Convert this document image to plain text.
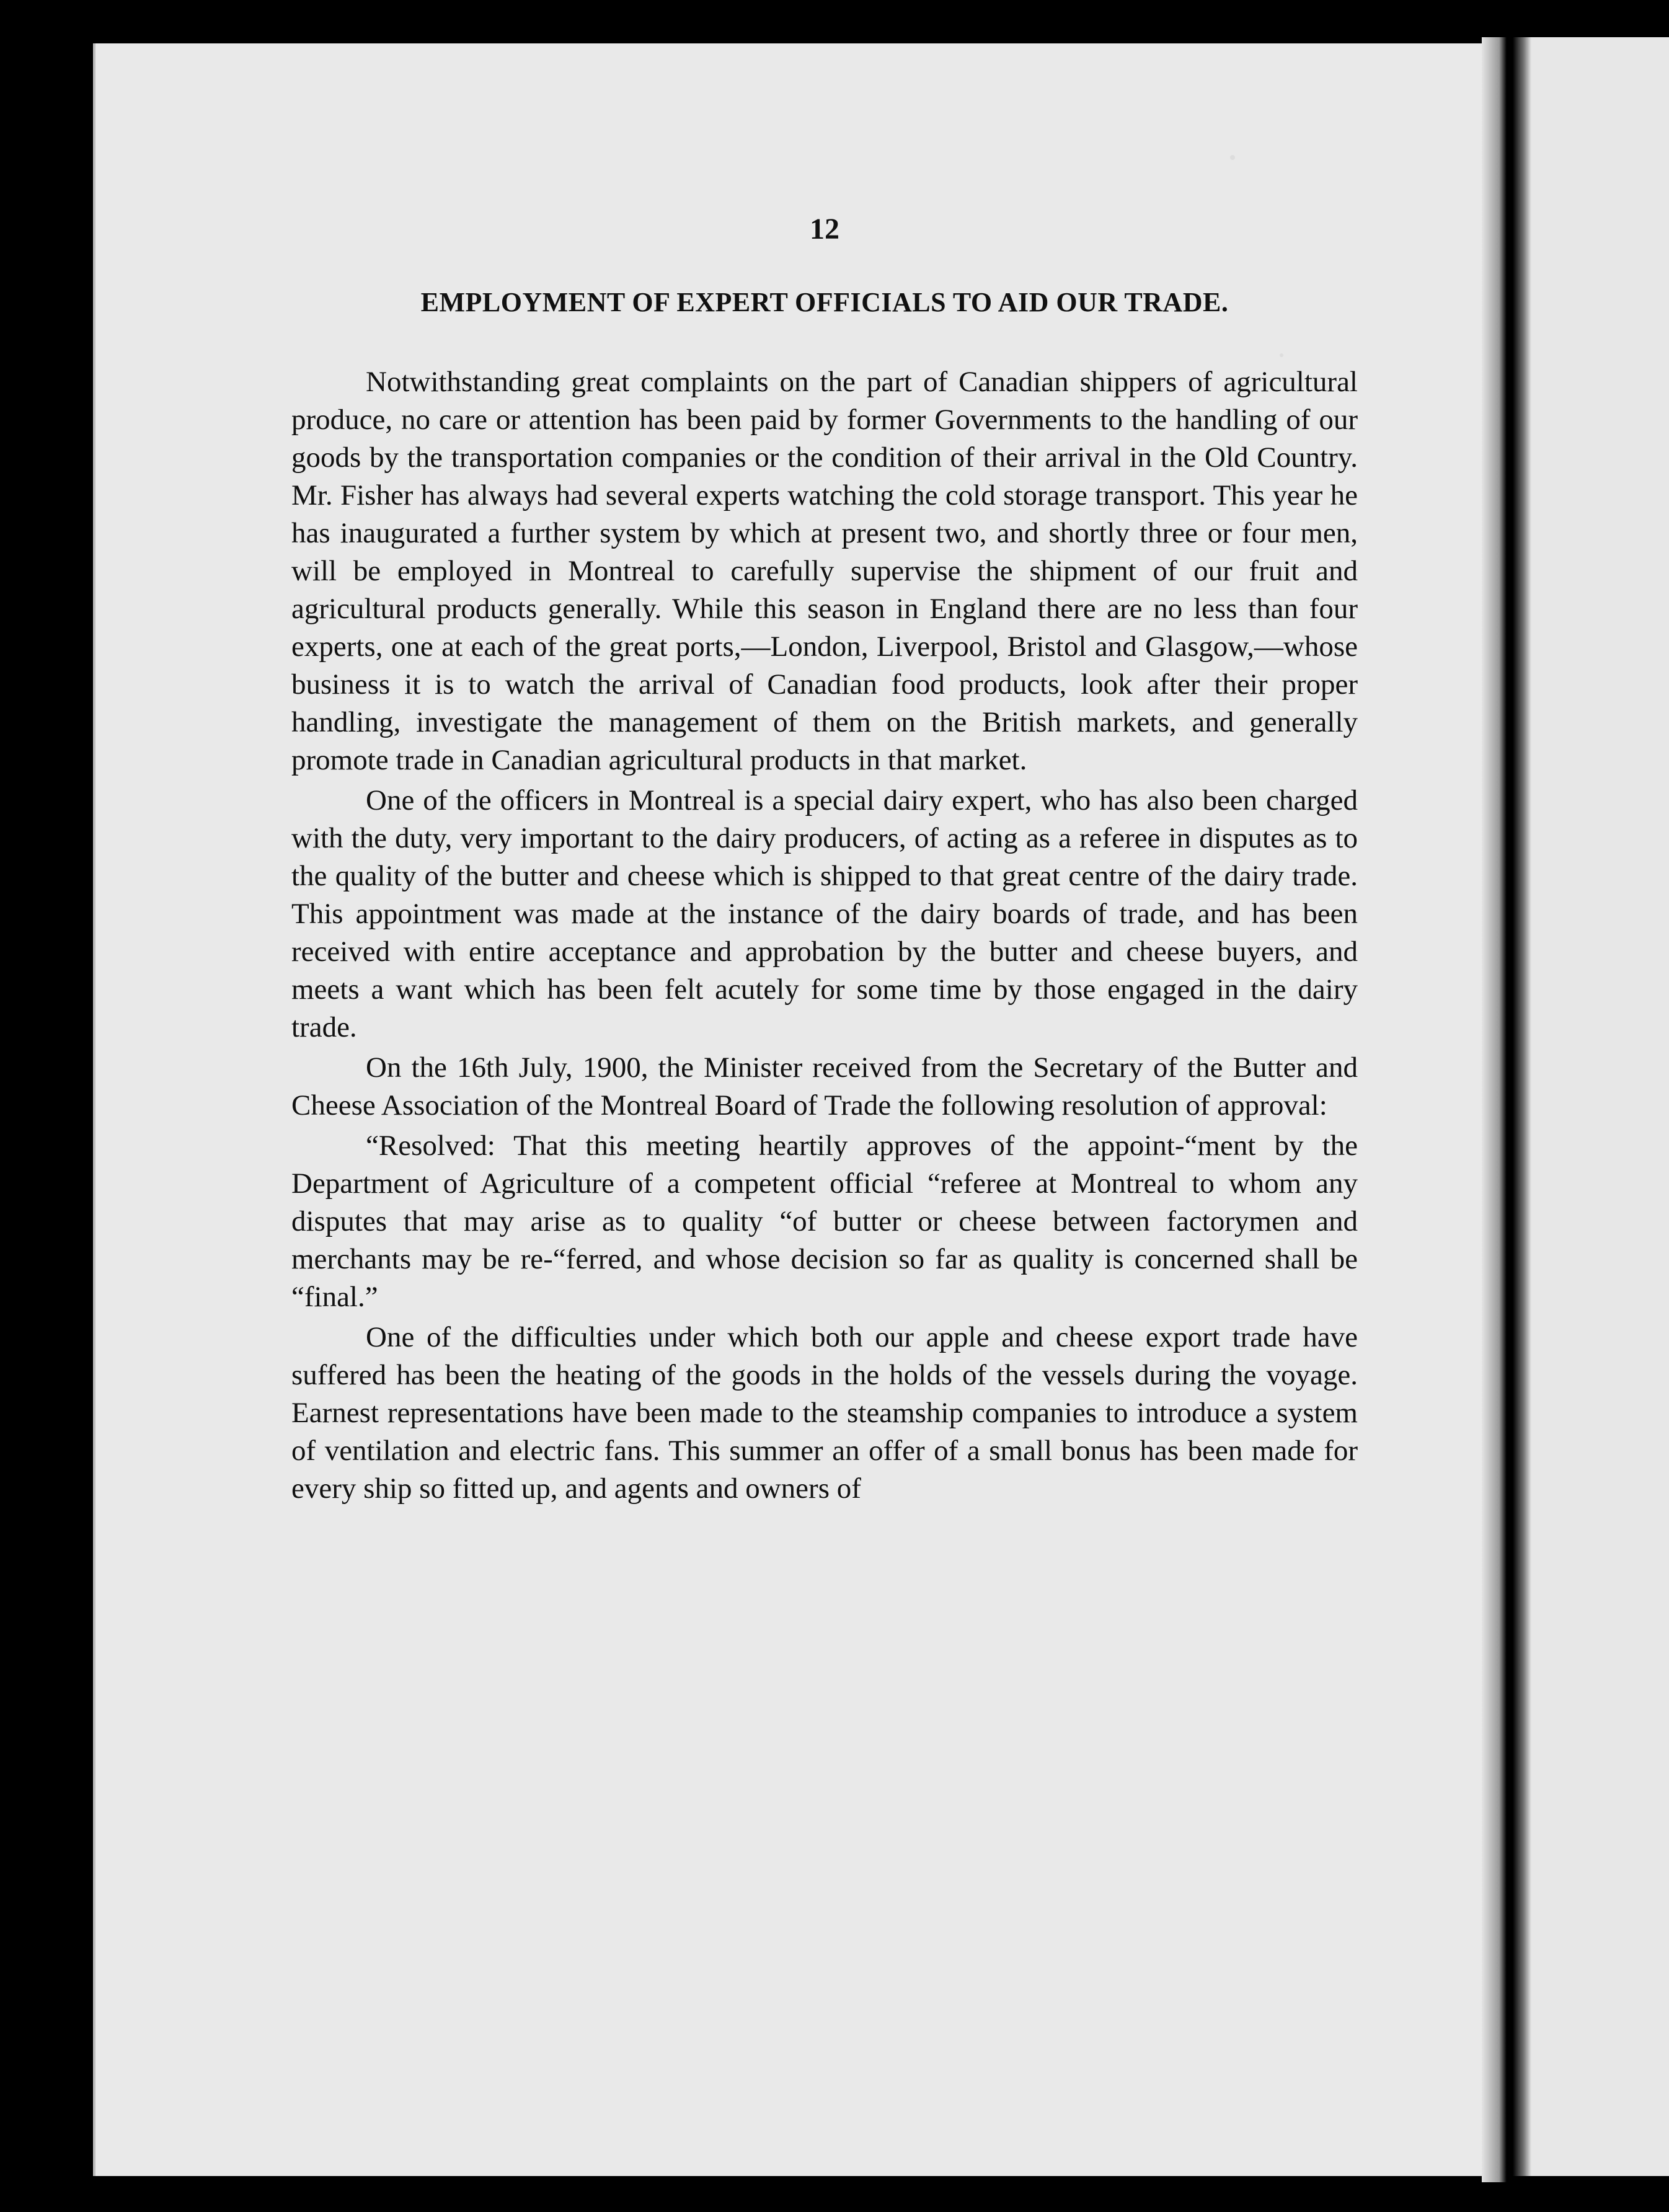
12
EMPLOYMENT OF EXPERT OFFICIALS TO AID OUR TRADE.

Notwithstanding great complaints on the part of Canadian shippers of agricultural produce, no care or attention has been paid by former Governments to the handling of our goods by the transportation companies or the condition of their arrival in the Old Country. Mr. Fisher has always had several experts watching the cold storage transport. This year he has inaugurated a further system by which at present two, and shortly three or four men, will be employed in Montreal to carefully supervise the shipment of our fruit and agricultural products generally. While this season in England there are no less than four experts, one at each of the great ports,—London, Liverpool, Bristol and Glasgow,—whose business it is to watch the arrival of Canadian food products, look after their proper handling, investigate the management of them on the British markets, and generally promote trade in Canadian agricultural products in that market.

One of the officers in Montreal is a special dairy expert, who has also been charged with the duty, very important to the dairy producers, of acting as a referee in disputes as to the quality of the butter and cheese which is shipped to that great centre of the dairy trade. This appointment was made at the instance of the dairy boards of trade, and has been received with entire acceptance and approbation by the butter and cheese buyers, and meets a want which has been felt acutely for some time by those engaged in the dairy trade.

On the 16th July, 1900, the Minister received from the Secretary of the Butter and Cheese Association of the Montreal Board of Trade the following resolution of approval:

“Resolved: That this meeting heartily approves of the appoint-“ment by the Department of Agriculture of a competent official “referee at Montreal to whom any disputes that may arise as to quality “of butter or cheese between factorymen and merchants may be re-“ferred, and whose decision so far as quality is concerned shall be “final.”

One of the difficulties under which both our apple and cheese export trade have suffered has been the heating of the goods in the holds of the vessels during the voyage. Earnest representations have been made to the steamship companies to introduce a system of ventilation and electric fans. This summer an offer of a small bonus has been made for every ship so fitted up, and agents and owners of
